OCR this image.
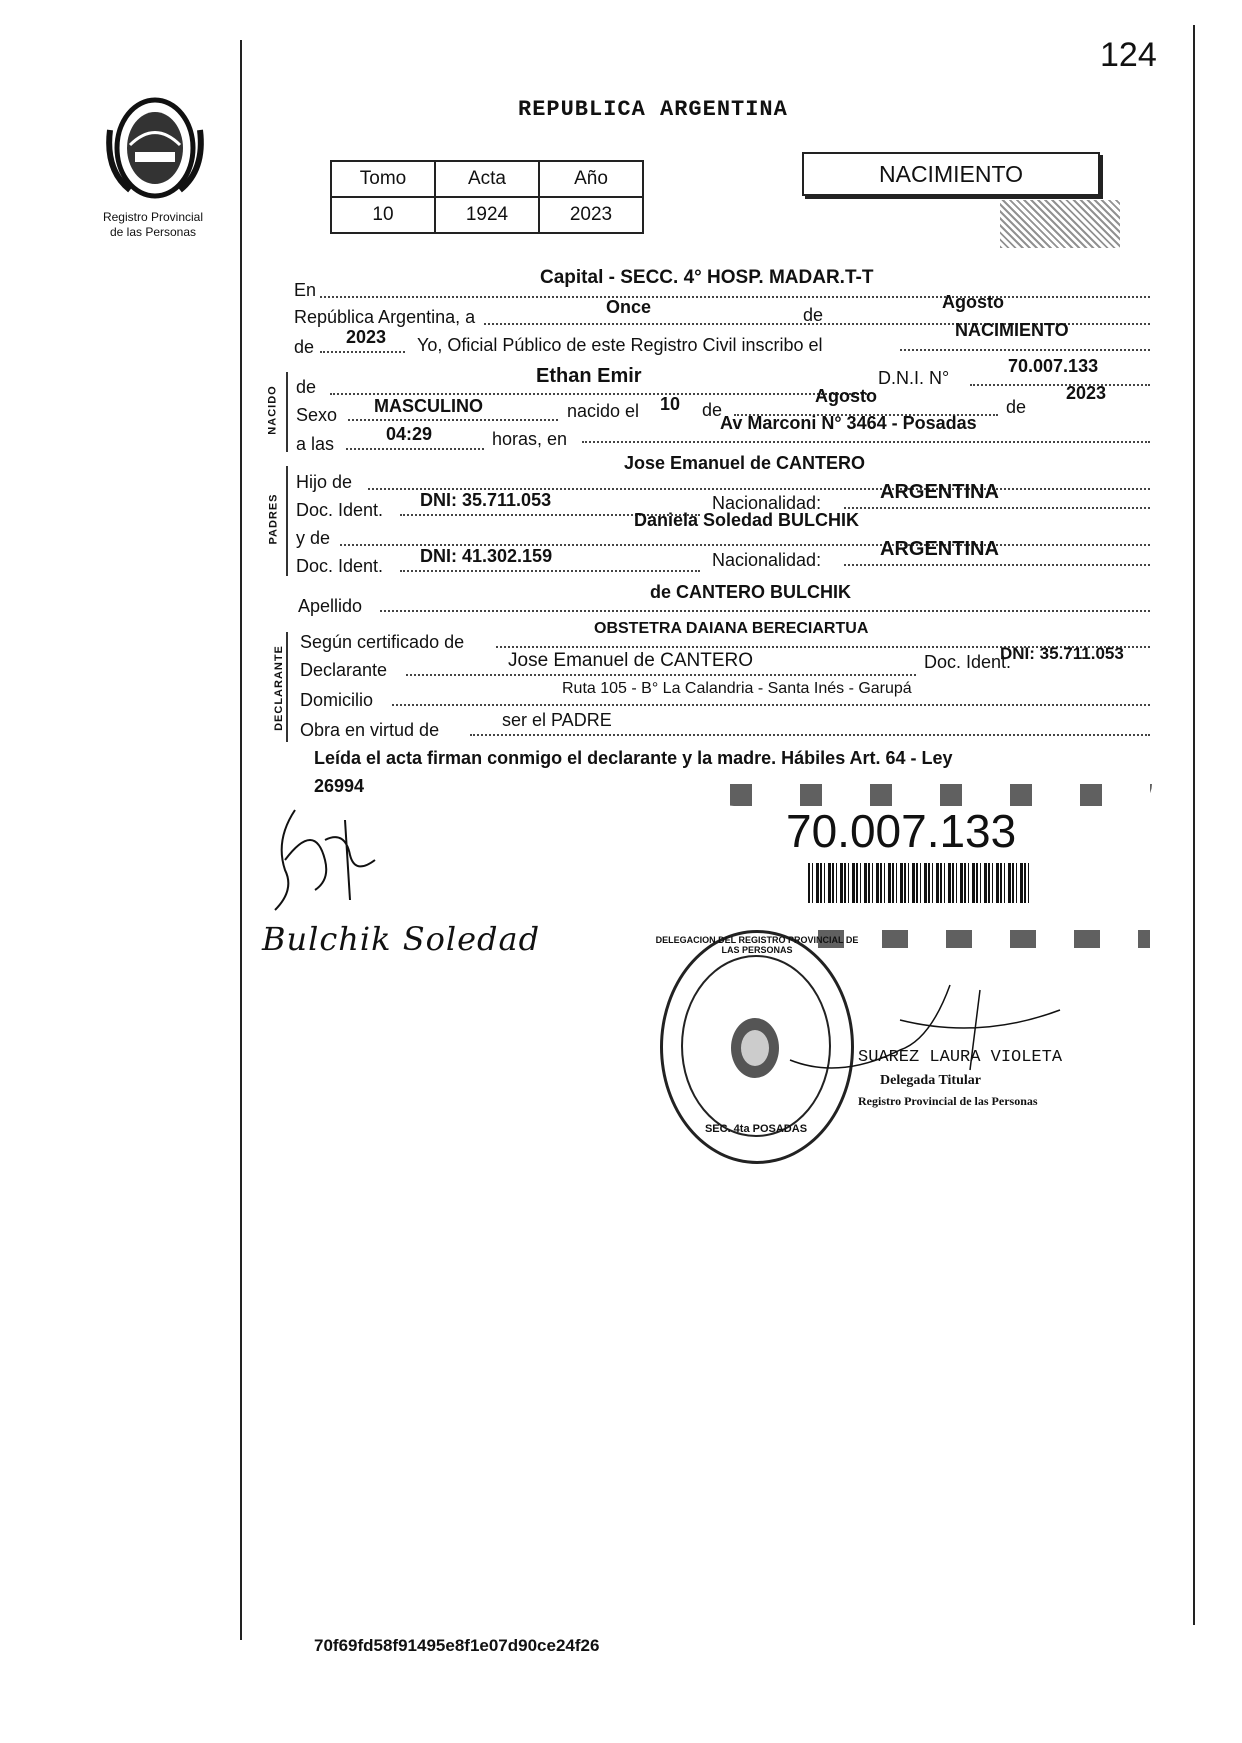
124
Registro Provincial
de las Personas
REPUBLICA ARGENTINA
Tomo	Acta	Año
10	1924	2023
NACIMIENTO
NACIDO
PADRES
DECLARANTE
En
Capital - SECC. 4° HOSP. MADAR.T-T
República Argentina, a	Once	de
Agosto
de 2023 Yo, Oficial Público de este Registro Civil inscribo el
NACIMIENTO
de	Ethan Emir	D.N.I. N°
70.007.133
Sexo MASCULINO	nacido el 10 de
Agosto
de
2023
a las	04:29	horas, en
Av Marconi N° 3464 - Posadas
Hijo de
Jose Emanuel de CANTERO
Doc. Ident. DNI: 35.711.053	Nacionalidad:	ARGENTINA
y de
Daniela Soledad BULCHIK
Doc. Ident. DNI: 41.302.159	Nacionalidad:	ARGENTINA
Apellido
de CANTERO BULCHIK
Según certificado de
OBSTETRA DAIANA BERECIARTUA
Declarante	Jose Emanuel de CANTERO	Doc. Ident.
DNI: 35.711.053
Domicilio
Ruta 105 - B° La Calandria - Santa Inés - Garupá
Obra en virtud de	ser el PADRE
Leída el acta firman conmigo el declarante y la madre. Hábiles Art. 64 - Ley
26994
70.007.133
Bulchik Soledad	DELEGACION DEL REGISTRO PROVINCIAL DE LAS PERSONAS
SEC. 4ta POSADAS
SUAREZ LAURA VIOLETA
Delegada Titular
Registro Provincial de las Personas
70f69fd58f91495e8f1e07d90ce24f26
